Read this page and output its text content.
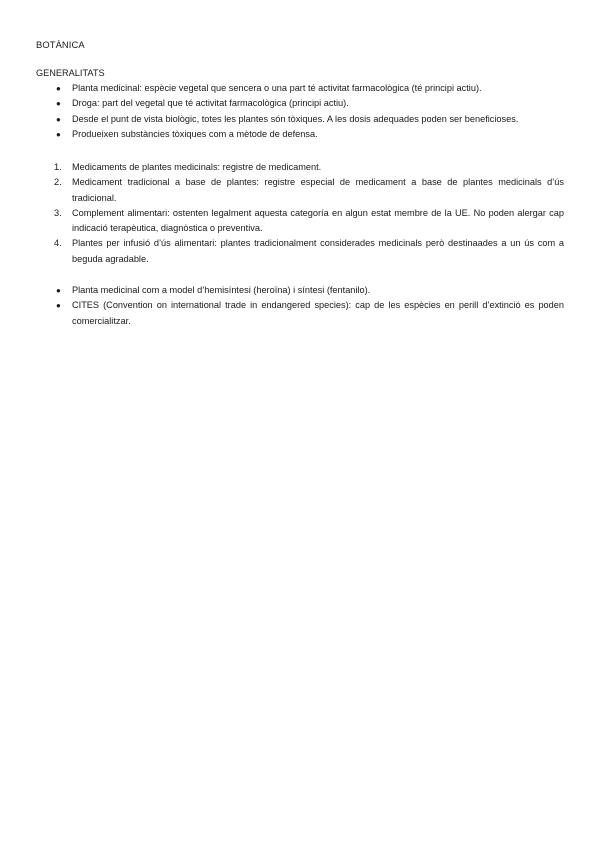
BOTÀNICA
GENERALITATS
● Planta medicinal: espècie vegetal que sencera o una part té activitat farmacològica (té principi actiu).
● Droga: part del vegetal que té activitat farmacològica (principi actiu).
● Desde el punt de vista biològic, totes les plantes són tòxiques. A les dosis adequades poden ser beneficioses.
● Produeixen substàncies tòxiques com a mètode de defensa.
1. Medicaments de plantes medicinals: registre de medicament.
2. Medicament tradicional a base de plantes: registre especial de medicament a base de plantes medicinals d’ús tradicional.
3. Complement alimentari: ostenten legalment aquesta categoría en algun estat membre de la UE. No poden alergar cap indicació terapèutica, diagnòstica o preventiva.
4. Plantes per infusió d’ús alimentari: plantes tradicionalment considerades medicinals però destinaades a un ús com a beguda agradable.
● Planta medicinal com a model d’hemisíntesi (heroïna) i síntesi (fentanilo).
● CITES (Convention on international trade in endangered species): cap de les espècies en perill d’extinció es poden comercialitzar.
